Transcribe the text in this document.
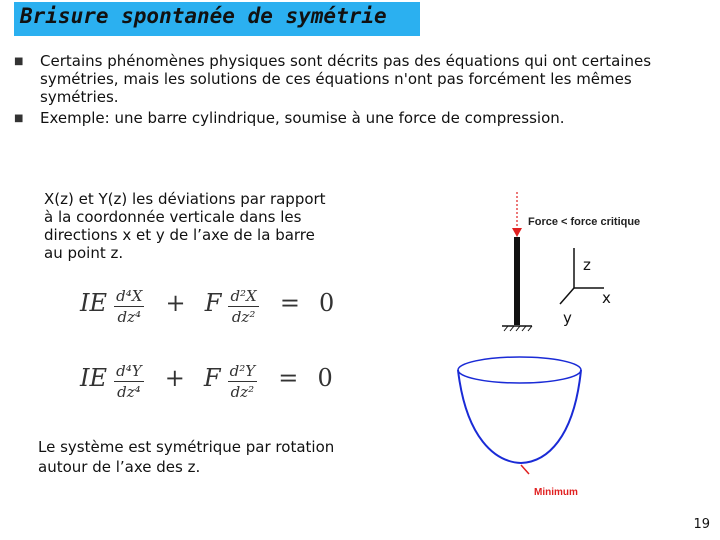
Brisure spontanée de symétrie
■ Certains phénomènes physiques sont décrits pas des équations qui ont certaines symétries, mais les solutions de ces équations n'ont pas forcément les mêmes symétries.
■ Exemple: une barre cylindrique, soumise à une force de compression.
X(z) et Y(z) les déviations par rapport à la coordonnée verticale dans les directions x et y de l’axe de la barre au point z.
IE $\frac{\text{d⁴X}}{\text{dz⁴}} + F \frac{\text{d²X}}{\text{dz²}} = 0$
IE $\frac{\text{d⁴Y}}{\text{dz⁴}} + F \frac{\text{d²Y}}{\text{dz²}} = 0$
Le système est symétrique par rotation autour de l’axe des z.
Force < force critique
z
x
y
Minimum
19
